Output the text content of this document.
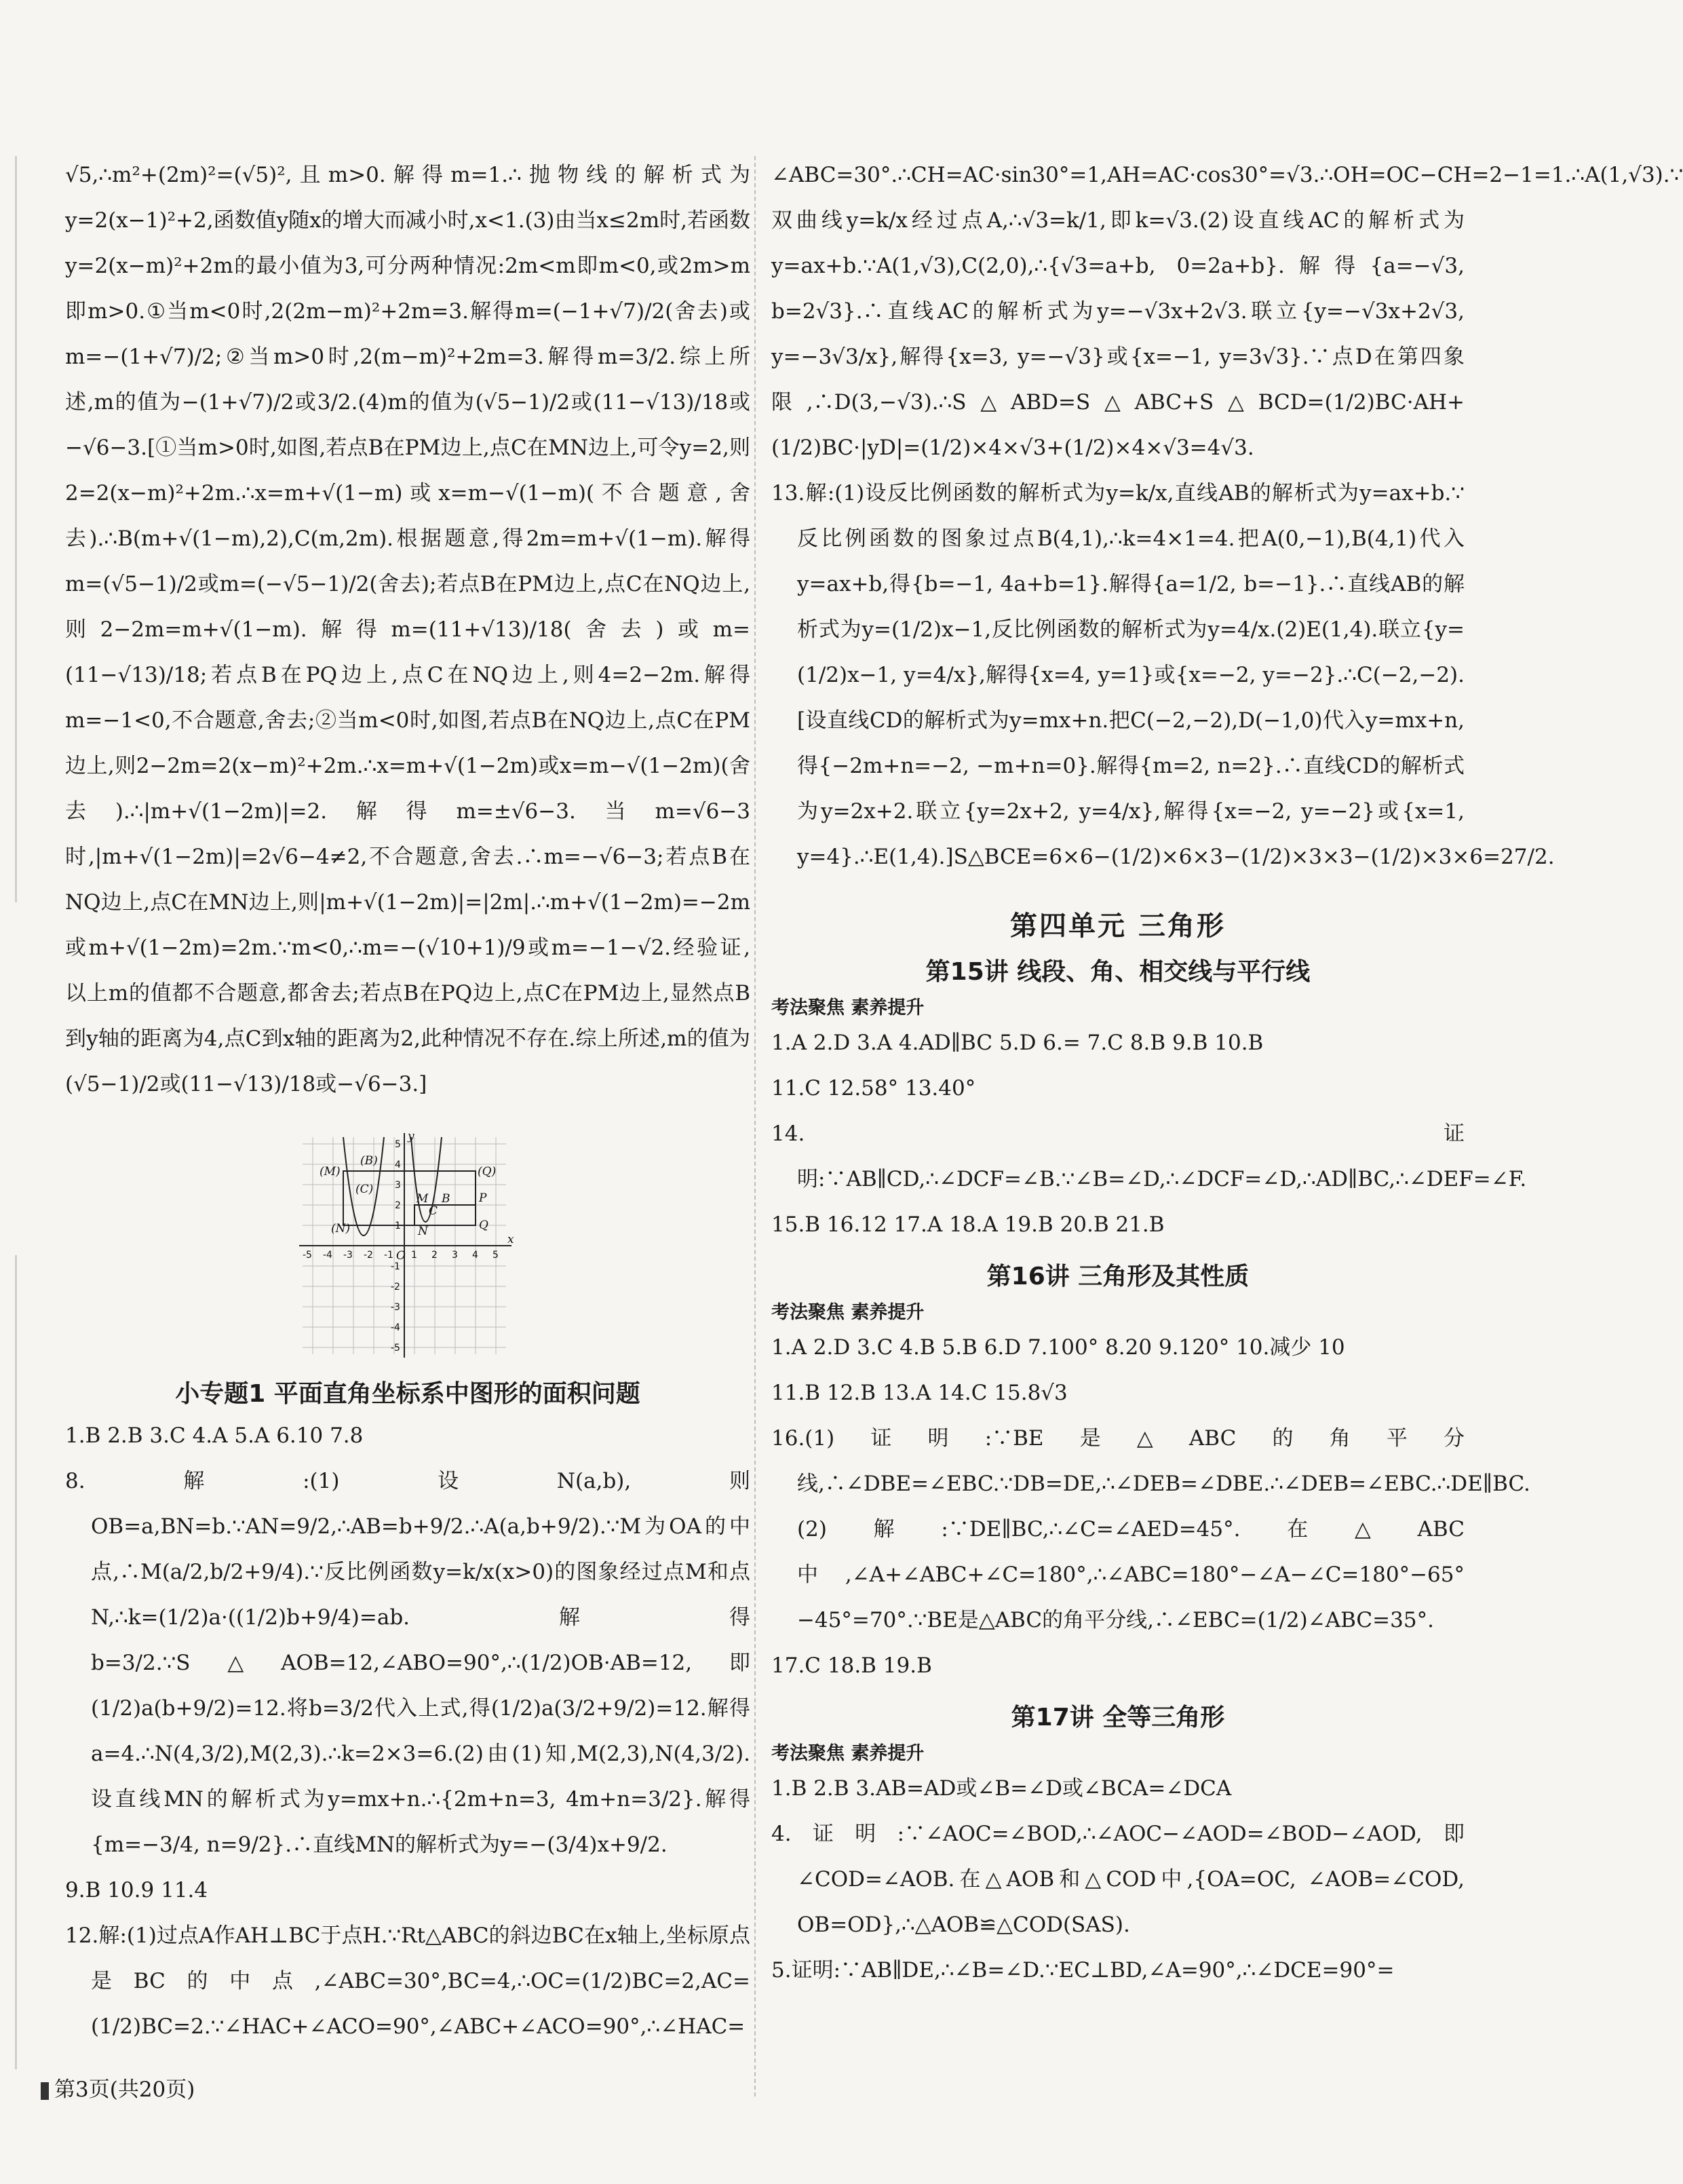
√5,∴m²+(2m)²=(√5)²,且m>0.解得m=1.∴抛物线的解析式为y=2(x−1)²+2,函数值y随x的增大而减小时,x<1.(3)由当x≤2m时,若函数y=2(x−m)²+2m的最小值为3,可分两种情况:2m<m即m<0,或2m>m即m>0.①当m<0时,2(2m−m)²+2m=3.解得m=(−1+√7)/2(舍去)或m=−(1+√7)/2;②当m>0时,2(m−m)²+2m=3.解得m=3/2.综上所述,m的值为−(1+√7)/2或3/2.(4)m的值为(√5−1)/2或(11−√13)/18或−√6−3.[①当m>0时,如图,若点B在PM边上,点C在MN边上,可令y=2,则2=2(x−m)²+2m.∴x=m+√(1−m)或x=m−√(1−m)(不合题意,舍去).∴B(m+√(1−m),2),C(m,2m).根据题意,得2m=m+√(1−m).解得m=(√5−1)/2或m=(−√5−1)/2(舍去);若点B在PM边上,点C在NQ边上,则2−2m=m+√(1−m).解得m=(11+√13)/18(舍去)或m=(11−√13)/18;若点B在PQ边上,点C在NQ边上,则4=2−2m.解得m=−1<0,不合题意,舍去;②当m<0时,如图,若点B在NQ边上,点C在PM边上,则2−2m=2(x−m)²+2m.∴x=m+√(1−2m)或x=m−√(1−2m)(舍去).∴|m+√(1−2m)|=2.解得m=±√6−3.当m=√6−3时,|m+√(1−2m)|=2√6−4≠2,不合题意,舍去.∴m=−√6−3;若点B在NQ边上,点C在MN边上,则|m+√(1−2m)|=|2m|.∴m+√(1−2m)=−2m或m+√(1−2m)=2m.∵m<0,∴m=−(√10+1)/9或m=−1−√2.经验证,以上m的值都不合题意,都舍去;若点B在PQ边上,点C在PM边上,显然点B到y轴的距离为4,点C到x轴的距离为2,此种情况不存在.综上所述,m的值为(√5−1)/2或(11−√13)/18或−√6−3.]

y
x
O
(M)
(B)
(C)
(N)
M B
C
N
(Q)
P
Q
-5 -4 -3 -2 -1 1 2 3 4 5
5
4
3
2
1
-1
-2
-3
-4
-5
小专题1 平面直角坐标系中图形的面积问题

1.B 2.B 3.C 4.A 5.A 6.10 7.8

8.解:(1)设N(a,b),则OB=a,BN=b.∵AN=9/2,∴AB=b+9/2.∴A(a,b+9/2).∵M为OA的中点,∴M(a/2,b/2+9/4).∵反比例函数y=k/x(x>0)的图象经过点M和点N,∴k=(1/2)a·((1/2)b+9/4)=ab.解得b=3/2.∵S△AOB=12,∠ABO=90°,∴(1/2)OB·AB=12,即(1/2)a(b+9/2)=12.将b=3/2代入上式,得(1/2)a(3/2+9/2)=12.解得a=4.∴N(4,3/2),M(2,3).∴k=2×3=6.(2)由(1)知,M(2,3),N(4,3/2).设直线MN的解析式为y=mx+n.∴{2m+n=3, 4m+n=3/2}.解得{m=−3/4, n=9/2}.∴直线MN的解析式为y=−(3/4)x+9/2.

9.B 10.9 11.4

12.解:(1)过点A作AH⊥BC于点H.∵Rt△ABC的斜边BC在x轴上,坐标原点是BC的中点,∠ABC=30°,BC=4,∴OC=(1/2)BC=2,AC=(1/2)BC=2.∵∠HAC+∠ACO=90°,∠ABC+∠ACO=90°,∴∠HAC=

∠ABC=30°.∴CH=AC·sin30°=1,AH=AC·cos30°=√3.∴OH=OC−CH=2−1=1.∴A(1,√3).∵双曲线y=k/x经过点A,∴√3=k/1,即k=√3.(2)设直线AC的解析式为y=ax+b.∵A(1,√3),C(2,0),∴{√3=a+b, 0=2a+b}.解得{a=−√3, b=2√3}.∴直线AC的解析式为y=−√3x+2√3.联立{y=−√3x+2√3, y=−3√3/x},解得{x=3, y=−√3}或{x=−1, y=3√3}.∵点D在第四象限,∴D(3,−√3).∴S△ABD=S△ABC+S△BCD=(1/2)BC·AH+(1/2)BC·|yD|=(1/2)×4×√3+(1/2)×4×√3=4√3.

13.解:(1)设反比例函数的解析式为y=k/x,直线AB的解析式为y=ax+b.∵反比例函数的图象过点B(4,1),∴k=4×1=4.把A(0,−1),B(4,1)代入y=ax+b,得{b=−1, 4a+b=1}.解得{a=1/2, b=−1}.∴直线AB的解析式为y=(1/2)x−1,反比例函数的解析式为y=4/x.(2)E(1,4).联立{y=(1/2)x−1, y=4/x},解得{x=4, y=1}或{x=−2, y=−2}.∴C(−2,−2).[设直线CD的解析式为y=mx+n.把C(−2,−2),D(−1,0)代入y=mx+n,得{−2m+n=−2, −m+n=0}.解得{m=2, n=2}.∴直线CD的解析式为y=2x+2.联立{y=2x+2, y=4/x},解得{x=−2, y=−2}或{x=1, y=4}.∴E(1,4).]S△BCE=6×6−(1/2)×6×3−(1/2)×3×3−(1/2)×3×6=27/2.

第四单元 三角形
第15讲 线段、角、相交线与平行线
考法聚焦 素养提升

1.A 2.D 3.A 4.AD∥BC 5.D 6.= 7.C 8.B 9.B 10.B

11.C 12.58° 13.40°

14.证明:∵AB∥CD,∴∠DCF=∠B.∵∠B=∠D,∴∠DCF=∠D,∴AD∥BC,∴∠DEF=∠F.

15.B 16.12 17.A 18.A 19.B 20.B 21.B

第16讲 三角形及其性质
考法聚焦 素养提升

1.A 2.D 3.C 4.B 5.B 6.D 7.100° 8.20 9.120° 10.减少 10

11.B 12.B 13.A 14.C 15.8√3

16.(1)证明:∵BE是△ABC的角平分线,∴∠DBE=∠EBC.∵DB=DE,∴∠DEB=∠DBE.∴∠DEB=∠EBC.∴DE∥BC.(2)解:∵DE∥BC,∴∠C=∠AED=45°.在△ABC中,∠A+∠ABC+∠C=180°,∴∠ABC=180°−∠A−∠C=180°−65°−45°=70°.∵BE是△ABC的角平分线,∴∠EBC=(1/2)∠ABC=35°.

17.C 18.B 19.B

第17讲 全等三角形
考法聚焦 素养提升

1.B 2.B 3.AB=AD或∠B=∠D或∠BCA=∠DCA

4.证明:∵∠AOC=∠BOD,∴∠AOC−∠AOD=∠BOD−∠AOD,即∠COD=∠AOB.在△AOB和△COD中,{OA=OC, ∠AOB=∠COD, OB=OD},∴△AOB≌△COD(SAS).

5.证明:∵AB∥DE,∴∠B=∠D.∵EC⊥BD,∠A=90°,∴∠DCE=90°=

第3页(共20页)
